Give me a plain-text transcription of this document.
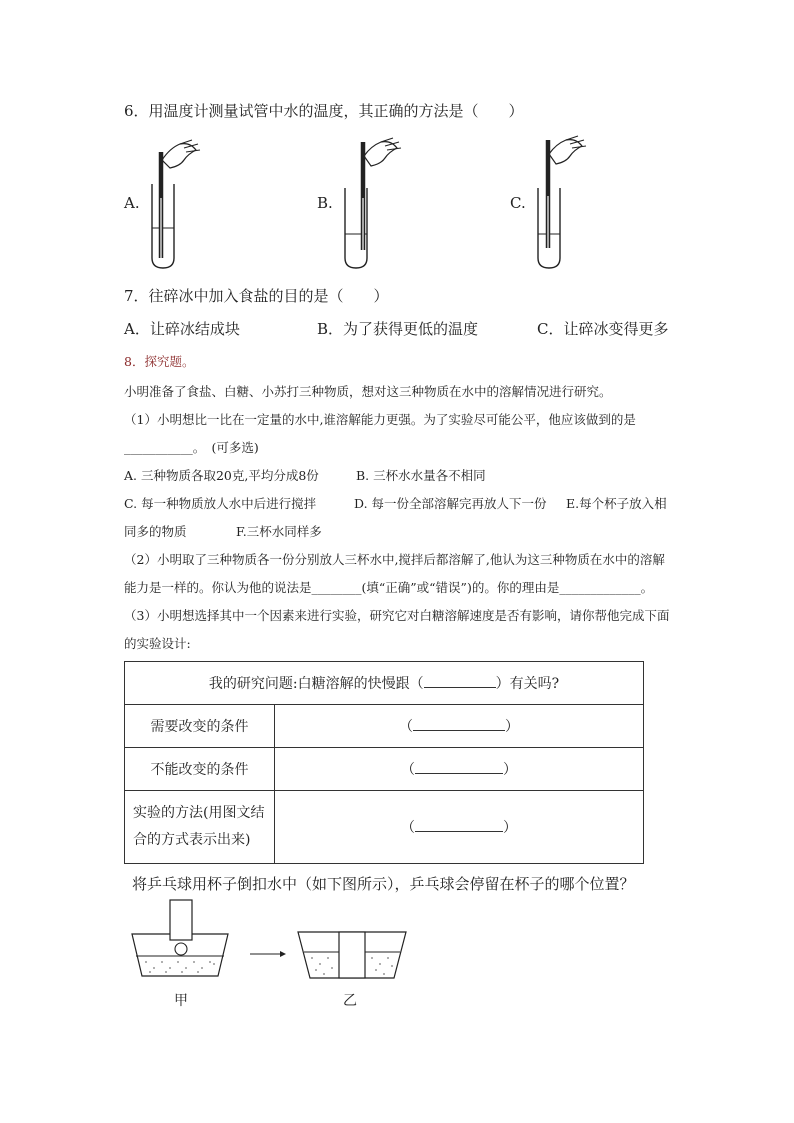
6．用温度计测量试管中水的温度，其正确的方法是（　　）
A.	B.	C.
7．往碎冰中加入食盐的目的是（　　）
A．让碎冰结成块	B．为了获得更低的温度	C．让碎冰变得更多
8．探究题。
小明准备了食盐、白糖、小苏打三种物质，想对这三种物质在水中的溶解情况进行研究。
（1）小明想比一比在一定量的水中,谁溶解能力更强。为了实验尽可能公平，他应该做到的是
___________。　(可多选)
A. 三种物质各取20克,平均分成8份	B. 三杯水水量各不相同
C. 每一种物质放人水中后进行搅拌	D. 每一份全部溶解完再放人下一份 E.每个杯子放入相
同多的物质	F.三杯水同样多
（2）小明取了三种物质各一份分别放人三杯水中,搅拌后都溶解了,他认为这三种物质在水中的溶解
能力是一样的。你认为他的说法是________(填“正确”或“错误”)的。你的理由是_____________。
（3）小明想选择其中一个因素来进行实验，研究它对白糖溶解速度是否有影响，请你帮他完成下面
的实验设计:
我的研究问题:白糖溶解的快慢跟（ ）有关吗?	
需要改变的条件	（ ）
不能改变的条件	（ ）
实验的方法(用图文结合的方式表示出来)	（ ）
将乒乓球用杯子倒扣水中（如下图所示），乒乓球会停留在杯子的哪个位置？
甲	乙
